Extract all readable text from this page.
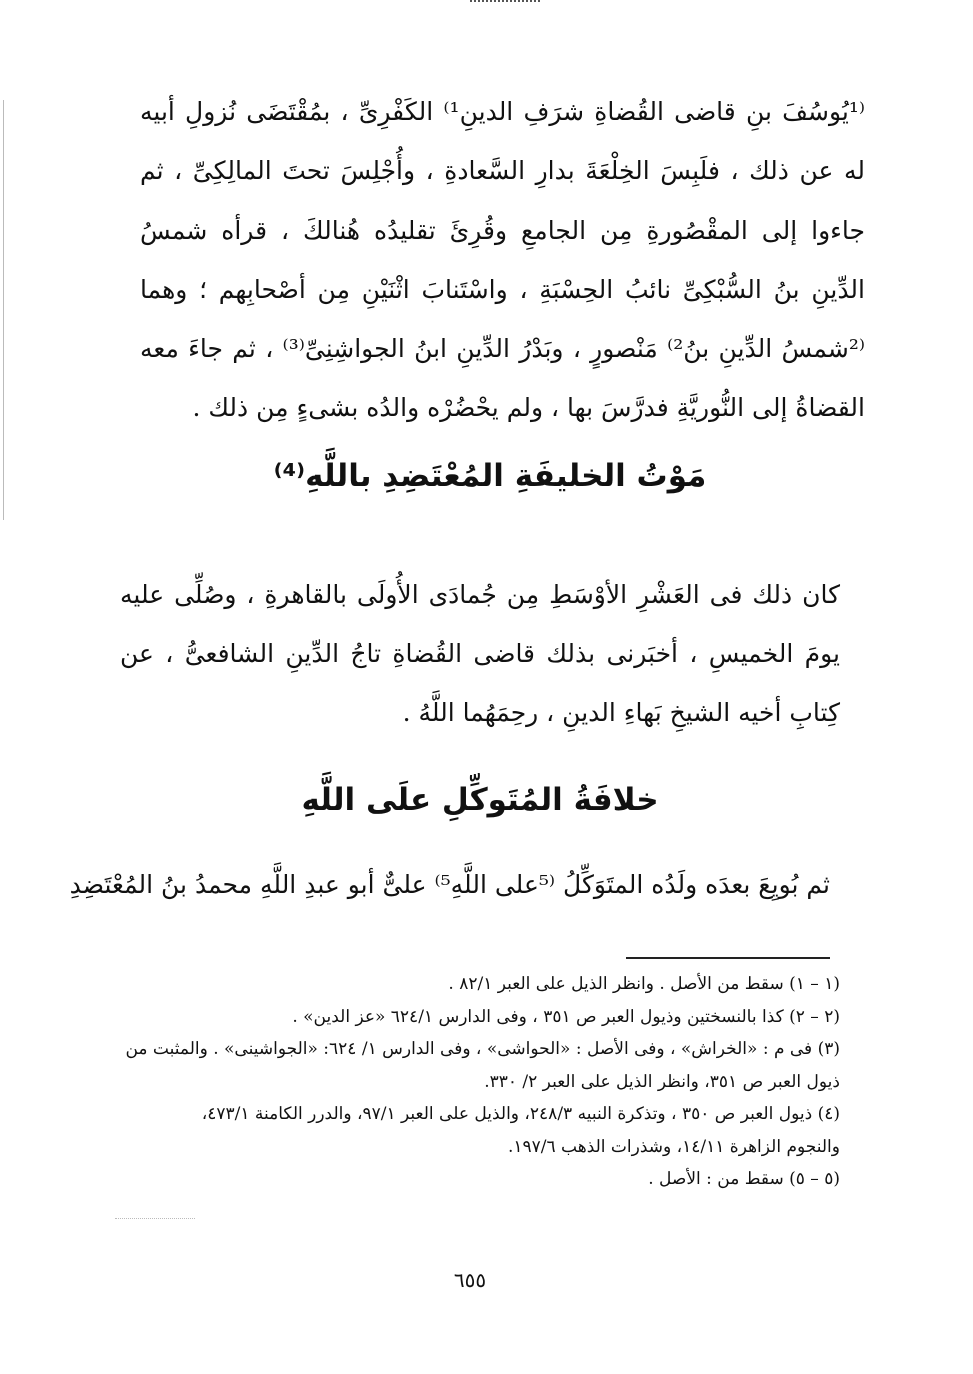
⁽¹يُوسُفَ بنِ قاضى القُضاةِ شرَفِ الدينِ¹⁾ الكَفْرِىِّ ، بمُقْتَضَى نُزولِ أبيه له عن ذلك ، فلَبِسَ الخِلْعَةَ بدارِ السَّعادةِ ، وأُجْلِسَ تحتَ المالِكِىِّ ، ثم جاءوا إلى المقْصُورةِ مِن الجامعِ وقُرِئَ تقليدُه هُنالكَ ، قرأه شمسُ الدِّينِ بنُ السُّبْكِىِّ نائبُ الحِسْبَةِ ، واسْتَنابَ اثْنَيْنِ مِن أصْحابِهم ؛ وهما ⁽²شمسُ الدِّينِ بنُ²⁾ مَنْصورٍ ، وبَدْرُ الدِّينِ ابنُ الجواشِنِىِّ⁽³⁾ ، ثم جاءَ معه القضاةُ إلى النُّوريَّةِ فدرَّسَ بها ، ولم يحْضُرْه والدُه بشىءٍ مِن ذلك .
مَوْتُ الخليفَةِ المُعْتَضِدِ باللَّهِ⁽⁴⁾
كان ذلك فى العَشْرِ الأوْسَطِ مِن جُمادَى الأُولَى بالقاهرةِ ، وصُلِّى عليه يومَ الخميسِ ، أخبَرنى بذلك قاضى القُضاةِ تاجُ الدِّينِ الشافعىُّ ، عن كِتابِ أخيه الشيخِ بَهاءِ الدينِ ، رحِمَهُما اللَّهُ .
خلافَةُ المُتَوكِّلِ علَى اللَّهِ
ثم بُويِعَ بعدَه ولَدُه المتَوَكِّلُ ⁽⁵على اللَّهِ⁵⁾ علىٌّ أبو عبدِ اللَّهِ محمدُ بنُ المُعْتَضِدِ
(١ – ١) سقط من الأصل . وانظر الذيل على العبر ٨٢/١ .
(٢ – ٢) كذا بالنسختين وذيول العبر ص ٣٥١ ، وفى الدارس ٦٢٤/١ «عز الدين» .
(٣) فى م : «الخراش» ، وفى الأصل : «الحواشى» ، وفى الدارس ١/ ٦٢٤: «الجواشينى» . والمثبت من
ذيول العبر ص ٣٥١، وانظر الذيل على العبر ٢/ ٣٣٠.
(٤) ذيول العبر ص ٣٥٠ ، وتذكرة النبيه ٢٤٨/٣، والذيل على العبر ٩٧/١، والدرر الكامنة ٤٧٣/١،
والنجوم الزاهرة ١٤/١١، وشذرات الذهب ١٩٧/٦.
(٥ – ٥) سقط من : الأصل .
٦٥٥
